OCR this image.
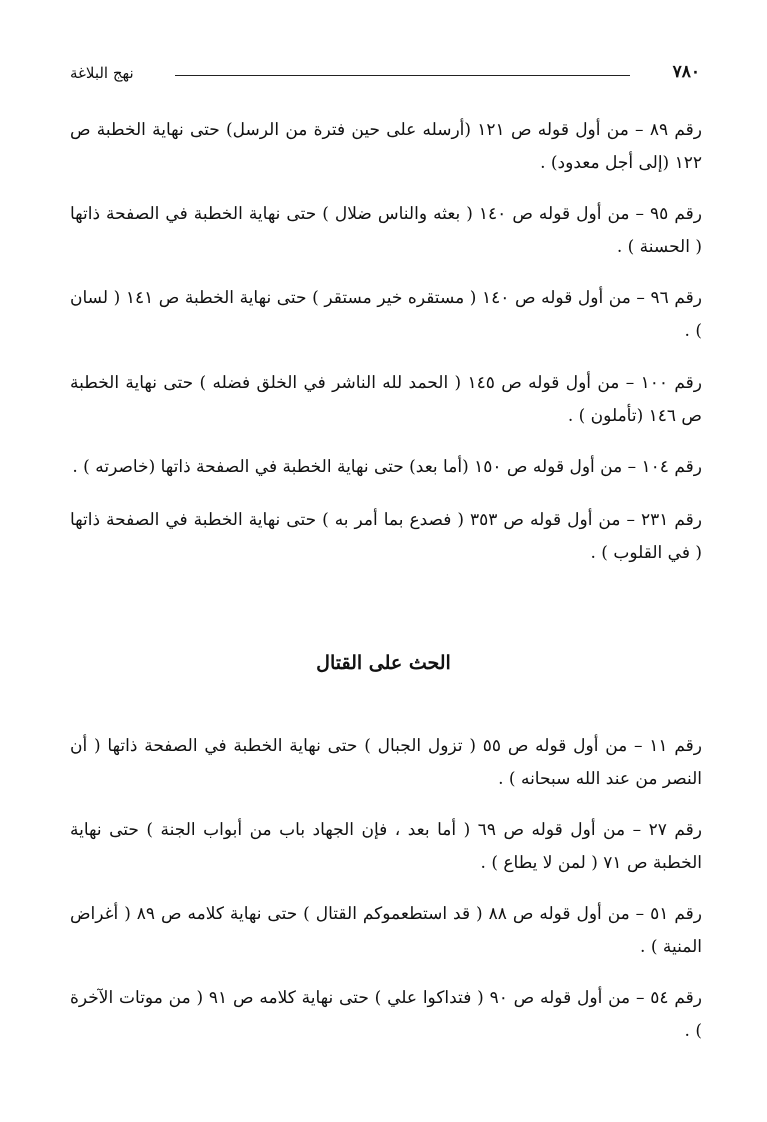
٧٨٠
نهج البلاغة
رقم ٨٩ – من أول قوله ص ١٢١ (أرسله على حين فترة من الرسل) حتى نهاية الخطبة ص ١٢٢ (إلى أجل معدود) .
رقم ٩٥ – من أول قوله ص ١٤٠ ( بعثه والناس ضلال ) حتى نهاية الخطبة في الصفحة ذاتها ( الحسنة ) .
رقم ٩٦ – من أول قوله ص ١٤٠ ( مستقره خير مستقر ) حتى نهاية الخطبة ص ١٤١ ( لسان ) .
رقم ١٠٠ – من أول قوله ص ١٤٥ ( الحمد لله الناشر في الخلق فضله ) حتى نهاية الخطبة ص ١٤٦ (تأملون ) .
رقم ١٠٤ – من أول قوله ص ١٥٠ (أما بعد) حتى نهاية الخطبة في الصفحة ذاتها (خاصرته ) .
رقم ٢٣١ – من أول قوله ص ٣٥٣ ( فصدع بما أمر به ) حتى نهاية الخطبة في الصفحة ذاتها ( في القلوب ) .
الحث على القتال
رقم ١١ – من أول قوله ص ٥٥ ( تزول الجبال ) حتى نهاية الخطبة في الصفحة ذاتها ( أن النصر من عند الله سبحانه ) .
رقم ٢٧ – من أول قوله ص ٦٩ ( أما بعد ، فإن الجهاد باب من أبواب الجنة ) حتى نهاية الخطبة ص ٧١ ( لمن لا يطاع ) .
رقم ٥١ – من أول قوله ص ٨٨ ( قد استطعموكم القتال ) حتى نهاية كلامه ص ٨٩ ( أغراض المنية ) .
رقم ٥٤ – من أول قوله ص ٩٠ ( فتداكوا علي ) حتى نهاية كلامه ص ٩١ ( من موتات الآخرة ) .
